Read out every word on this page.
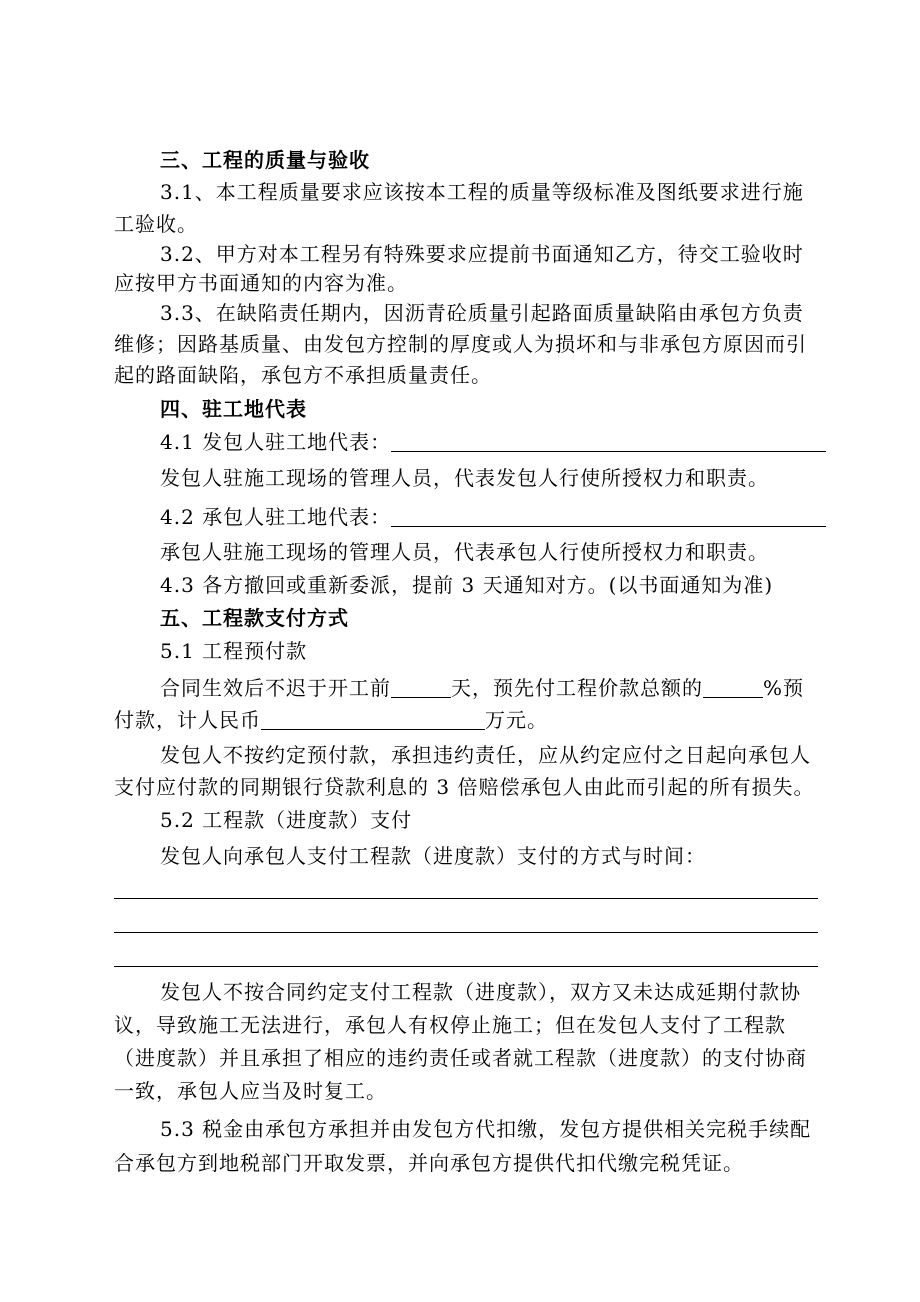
三、工程的质量与验收
3.1、本工程质量要求应该按本工程的质量等级标准及图纸要求进行施
工验收。
3.2、甲方对本工程另有特殊要求应提前书面通知乙方，待交工验收时
应按甲方书面通知的内容为准。
3.3、在缺陷责任期内，因沥青砼质量引起路面质量缺陷由承包方负责
维修；因路基质量、由发包方控制的厚度或人为损坏和与非承包方原因而引
起的路面缺陷，承包方不承担质量责任。
四、驻工地代表
4.1 发包人驻工地代表：
发包人驻施工现场的管理人员，代表发包人行使所授权力和职责。
4.2 承包人驻工地代表：
承包人驻施工现场的管理人员，代表承包人行使所授权力和职责。
4.3 各方撤回或重新委派，提前 3 天通知对方。(以书面通知为准)
五、工程款支付方式
5.1 工程预付款
合同生效后不迟于开工前	天，预先付工程价款总额的	%预
付款，计人民币	万元。
发包人不按约定预付款，承担违约责任，应从约定应付之日起向承包人
支付应付款的同期银行贷款利息的 3 倍赔偿承包人由此而引起的所有损失。
5.2 工程款（进度款）支付
发包人向承包人支付工程款（进度款）支付的方式与时间：
发包人不按合同约定支付工程款（进度款），双方又未达成延期付款协
议，导致施工无法进行，承包人有权停止施工；但在发包人支付了工程款
（进度款）并且承担了相应的违约责任或者就工程款（进度款）的支付协商
一致，承包人应当及时复工。
5.3 税金由承包方承担并由发包方代扣缴，发包方提供相关完税手续配
合承包方到地税部门开取发票，并向承包方提供代扣代缴完税凭证。
